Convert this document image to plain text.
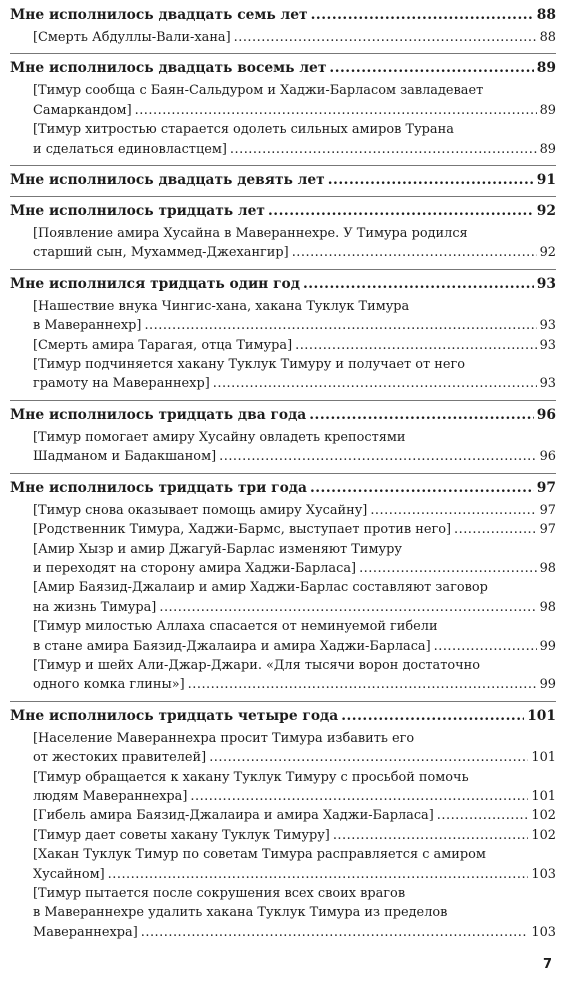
Мне исполнилось двадцать семь лет .....	88
[Смерть Абдуллы-Вали-хана] .....	88
Мне исполнилось двадцать восемь лет .....	89
[Тимур сообща с Баян-Сальдуром и Хаджи-Барласом завладевает
Самаркандом] .....	89
[Тимур хитростью старается одолеть сильных амиров Турана
и сделаться единовластцем] .....	89
Мне исполнилось двадцать девять лет .....	91
Мне исполнилось тридцать лет .....	92
[Появление амира Хусайна в Мавераннехре. У Тимура родился
старший сын, Мухаммед-Джехангир] .....	92
Мне исполнился тридцать один год .....	93
[Нашествие внука Чингис-хана, хакана Туклук Тимура
в Мавераннехр] .....	93
[Смерть амира Тарагая, отца Тимура] .....	93
[Тимур подчиняется хакану Туклук Тимуру и получает от него
грамоту на Мавераннехр] .....	93
Мне исполнилось тридцать два года .....	96
[Тимур помогает амиру Хусайну овладеть крепостями
Шадманом и Бадакшаном] .....	96
Мне исполнилось тридцать три года .....	97
[Тимур снова оказывает помощь амиру Хусайну] .....	97
[Родственник Тимура, Хаджи-Бармс, выступает против него] .....	97
[Амир Хызр и амир Джагуй-Барлас изменяют Тимуру
и переходят на сторону амира Хаджи-Барласа] .....	98
[Амир Баязид-Джалаир и амир Хаджи-Барлас составляют заговор
на жизнь Тимура] .....	98
[Тимур милостью Аллаха спасается от неминуемой гибели
в стане амира Баязид-Джалаира и амира Хаджи-Барласа] .....	99
[Тимур и шейх Али-Джар-Джари. «Для тысячи ворон достаточно
одного комка глины»] .....	99
Мне исполнилось тридцать четыре года .....	101
[Население Мавераннехра просит Тимура избавить его
от жестоких правителей] .....	101
[Тимур обращается к хакану Туклук Тимуру с просьбой помочь
людям Мавераннехра] .....	101
[Гибель амира Баязид-Джалаира и амира Хаджи-Барласа] .....	102
[Тимур дает советы хакану Туклук Тимуру] .....	102
[Хакан Туклук Тимур по советам Тимура расправляется с амиром
Хусайном] .....	103
[Тимур пытается после сокрушения всех своих врагов
в Мавераннехре удалить хакана Туклук Тимура из пределов
Мавераннехра] .....	103
7
